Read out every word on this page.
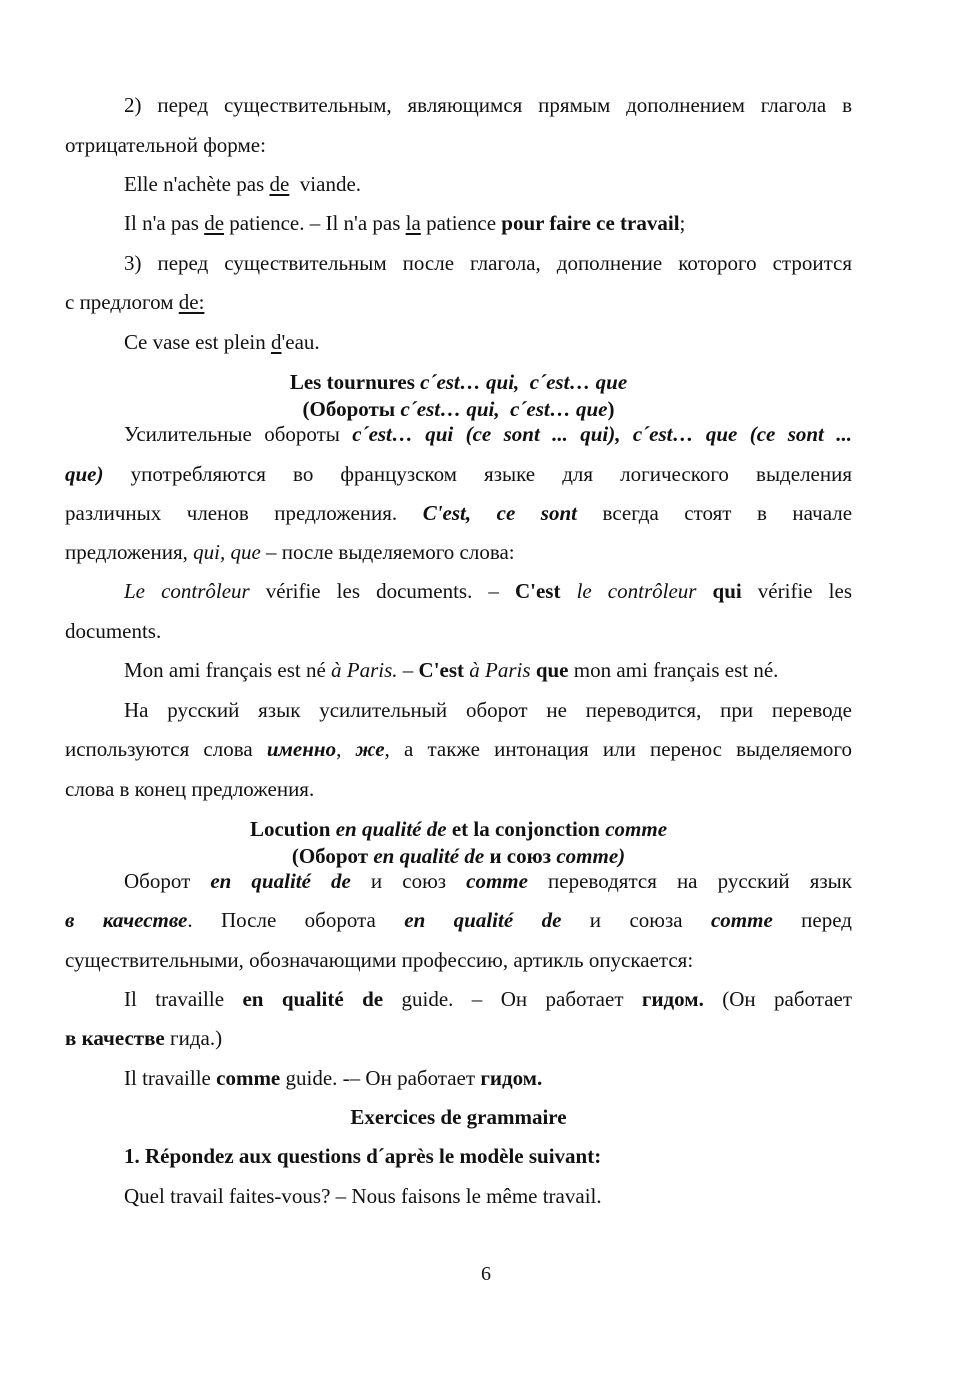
2) перед существительным, являющимся прямым дополнением глагола в

отрицательной форме:

Elle n'achète pas de  viande.

Il n'a pas de patience. – Il n'a pas la patience pour faire ce travail;

3) перед существительным после глагола, дополнение которого строится

с предлогом de:

Ce vase est plein d'eau.

Les tournures c´est… qui,  c´est… que

(Обороты c´est… qui,  c´est… que)

Усилительные обороты c´est… qui (ce sont ... qui), c´est… que (ce sont ...

que) употребляются во французском языке для логического выделения

различных членов предложения. C'est, ce sont всегда стоят в начале

предложения, qui, que – после выделяемого слова:

Le contrôleur vérifie les documents. – C'est le contrôleur qui vérifie les

documents.

Mon ami français est né à Paris. – C'est à Paris que mon ami français est né.

На русский язык усилительный оборот не переводится, при переводе

используются слова именно, же, а также интонация или перенос выделяемого

слова в конец предложения.

Locution en qualité de et la conjonction comme

(Оборот en qualité de и союз comme)

Оборот en qualité de и союз comme переводятся на русский язык

в качестве. После оборота en qualité de и союза comme перед

существительными, обозначающими профессию, артикль опускается:

Il travaille en qualité de guide. – Он работает гидом. (Он работает

в качестве гида.)

Il travaille comme guide. -– Он работает гидом.

Exercices de grammaire

1. Répondez aux questions d´après le modèle suivant:

Quel travail faites-vous? – Nous faisons le même travail.

6
